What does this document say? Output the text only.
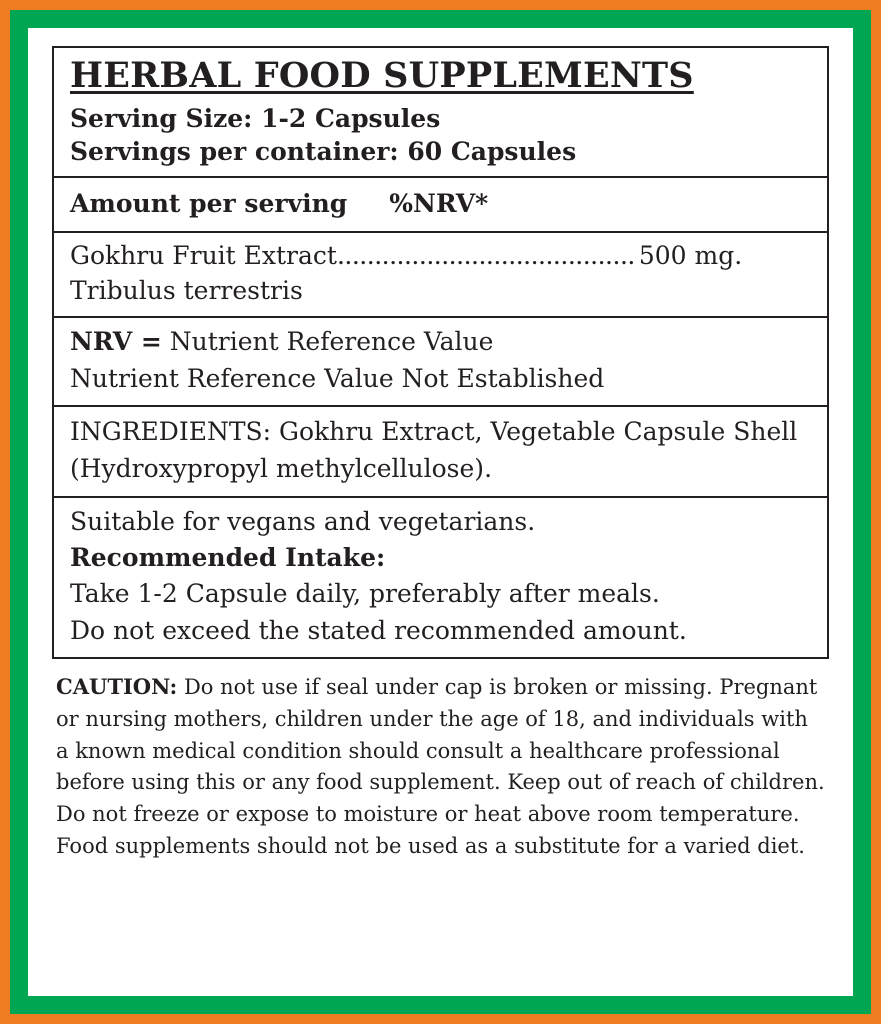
HERBAL FOOD SUPPLEMENTS
Serving Size: 1-2 Capsules
Servings per container: 60 Capsules
Amount per serving %NRV*
Gokhru Fruit Extract ........................................ 500 mg.
Tribulus terrestris
NRV = Nutrient Reference Value
Nutrient Reference Value Not Established
INGREDIENTS: Gokhru Extract, Vegetable Capsule Shell (Hydroxypropyl methylcellulose).
Suitable for vegans and vegetarians.
Recommended Intake:
Take 1-2 Capsule daily, preferably after meals.
Do not exceed the stated recommended amount.

CAUTION: Do not use if seal under cap is broken or missing. Pregnant or nursing mothers, children under the age of 18, and individuals with a known medical condition should consult a healthcare professional before using this or any food supplement. Keep out of reach of children.

Do not freeze or expose to moisture or heat above room temperature.

Food supplements should not be used as a substitute for a varied diet.
